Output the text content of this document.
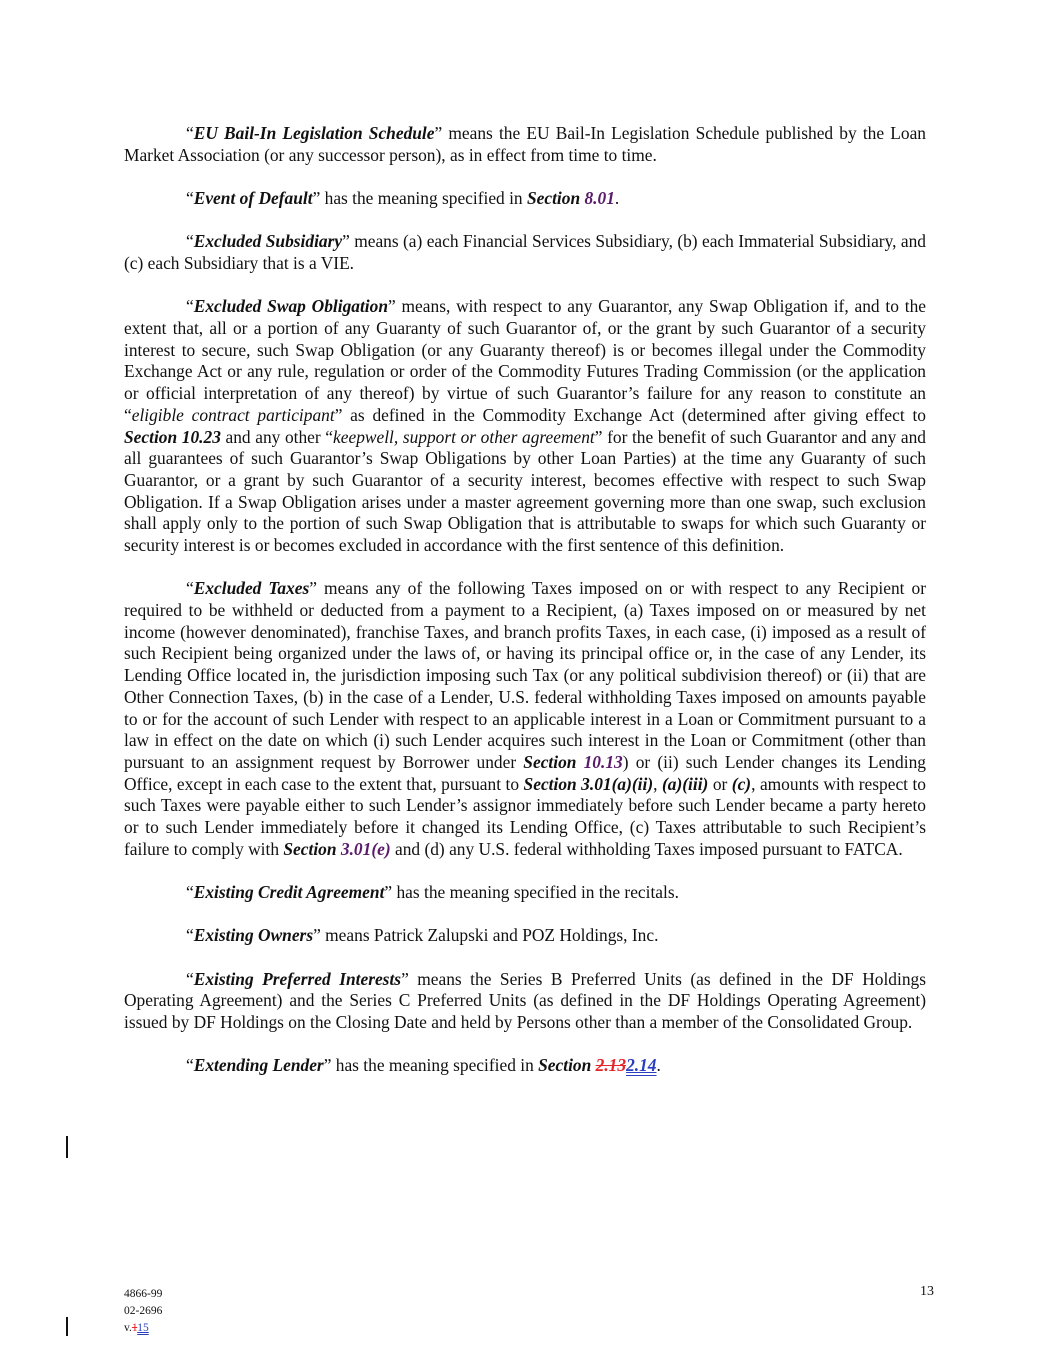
“EU Bail-In Legislation Schedule” means the EU Bail-In Legislation Schedule published by the Loan Market Association (or any successor person), as in effect from time to time.

“Event of Default” has the meaning specified in Section 8.01.

“Excluded Subsidiary” means (a) each Financial Services Subsidiary, (b) each Immaterial Subsidiary, and (c) each Subsidiary that is a VIE.

“Excluded Swap Obligation” means, with respect to any Guarantor, any Swap Obligation if, and to the extent that, all or a portion of any Guaranty of such Guarantor of, or the grant by such Guarantor of a security interest to secure, such Swap Obligation (or any Guaranty thereof) is or becomes illegal under the Commodity Exchange Act or any rule, regulation or order of the Commodity Futures Trading Commission (or the application or official interpretation of any thereof) by virtue of such Guarantor’s failure for any reason to constitute an “eligible contract participant” as defined in the Commodity Exchange Act (determined after giving effect to Section 10.23 and any other “keepwell, support or other agreement” for the benefit of such Guarantor and any and all guarantees of such Guarantor’s Swap Obligations by other Loan Parties) at the time any Guaranty of such Guarantor, or a grant by such Guarantor of a security interest, becomes effective with respect to such Swap Obligation. If a Swap Obligation arises under a master agreement governing more than one swap, such exclusion shall apply only to the portion of such Swap Obligation that is attributable to swaps for which such Guaranty or security interest is or becomes excluded in accordance with the first sentence of this definition.

“Excluded Taxes” means any of the following Taxes imposed on or with respect to any Recipient or required to be withheld or deducted from a payment to a Recipient, (a) Taxes imposed on or measured by net income (however denominated), franchise Taxes, and branch profits Taxes, in each case, (i) imposed as a result of such Recipient being organized under the laws of, or having its principal office or, in the case of any Lender, its Lending Office located in, the jurisdiction imposing such Tax (or any political subdivision thereof) or (ii) that are Other Connection Taxes, (b) in the case of a Lender, U.S. federal withholding Taxes imposed on amounts payable to or for the account of such Lender with respect to an applicable interest in a Loan or Commitment pursuant to a law in effect on the date on which (i) such Lender acquires such interest in the Loan or Commitment (other than pursuant to an assignment request by Borrower under Section 10.13) or (ii) such Lender changes its Lending Office, except in each case to the extent that, pursuant to Section 3.01(a)(ii), (a)(iii) or (c), amounts with respect to such Taxes were payable either to such Lender’s assignor immediately before such Lender became a party hereto or to such Lender immediately before it changed its Lending Office, (c) Taxes attributable to such Recipient’s failure to comply with Section 3.01(e) and (d) any U.S. federal withholding Taxes imposed pursuant to FATCA.

“Existing Credit Agreement” has the meaning specified in the recitals.

“Existing Owners” means Patrick Zalupski and POZ Holdings, Inc.

“Existing Preferred Interests” means the Series B Preferred Units (as defined in the DF Holdings Operating Agreement) and the Series C Preferred Units (as defined in the DF Holdings Operating Agreement) issued by DF Holdings on the Closing Date and held by Persons other than a member of the Consolidated Group.

“Extending Lender” has the meaning specified in Section 2.132.14.

4866-99
02-2696
v.115
13
